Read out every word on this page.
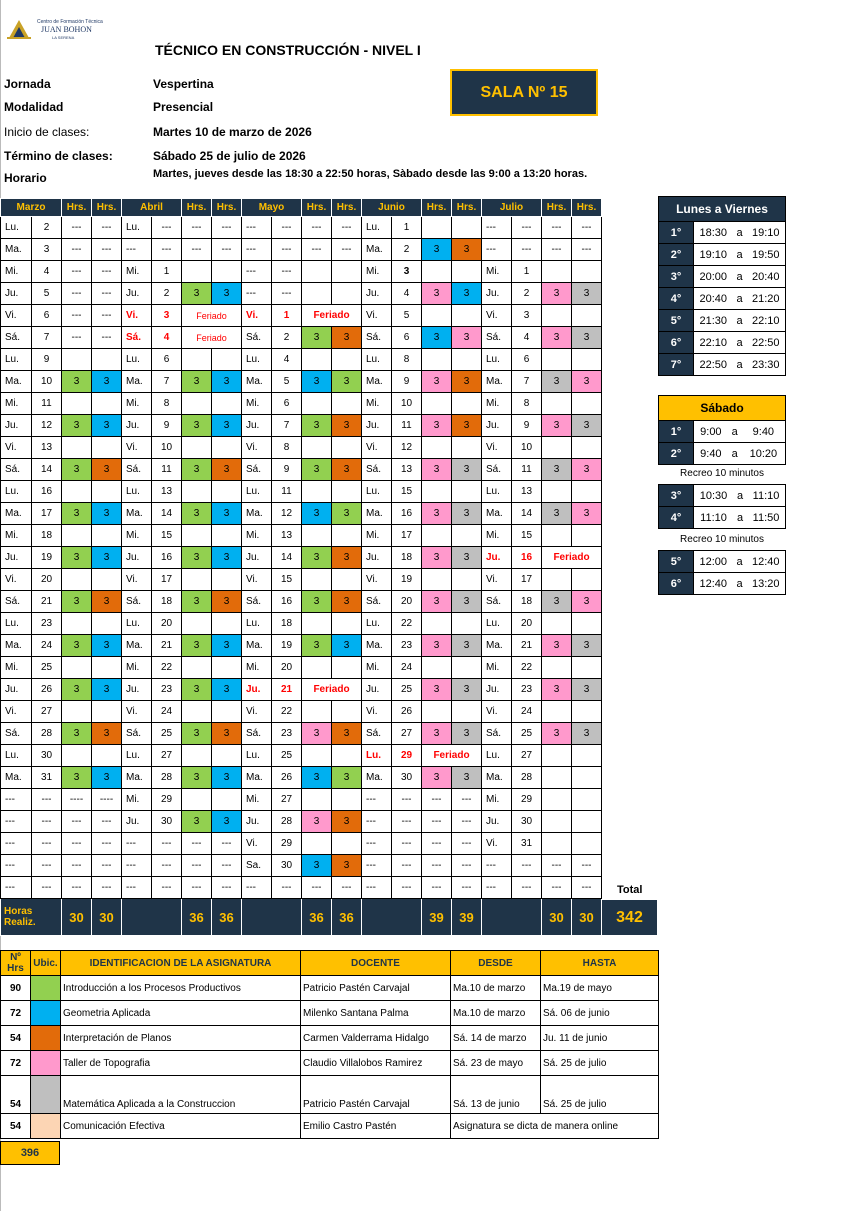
Centro de Formación Técnica
JUAN BOHON
LA SERENA
TÉCNICO EN CONSTRUCCIÓN - NIVEL I
Jornada	Vespertina
Modalidad	Presencial
Inicio de clases:	Martes 10 de marzo de 2026
Término de clases:	Sábado 25 de julio de 2026
Horario	Martes, jueves desde las 18:30 a 22:50 horas, Sàbado desde las 9:00 a 13:20 horas.
SALA Nº 15
Marzo		Hrs.	Hrs.	Abril		Hrs.	Hrs.	Mayo		Hrs.	Hrs.	Junio		Hrs.	Hrs.	Julio		Hrs.	Hrs.
Lu.	2	---	---	Lu.	---	---	---	---	---	---	---	Lu.	1			---	---	---	---
Ma.	3	---	---	---	---	---	---	---	---	---	---	Ma.	2	3	3	---	---	---	---
Mi.	4	---	---	Mi.	1			---	---			Mi.	3			Mi.	1		
Ju.	5	---	---	Ju.	2	3	3	---	---			Ju.	4	3	3	Ju.	2	3	3
Vi.	6	---	---	Vi.	3	Feriado		Vi.	1	Feriado		Vi.	5			Vi.	3		
Sá.	7	---	---	Sá.	4	Feriado		Sá.	2	3	3	Sá.	6	3	3	Sá.	4	3	3
Lu.	9			Lu.	6			Lu.	4			Lu.	8			Lu.	6		
Ma.	10	3	3	Ma.	7	3	3	Ma.	5	3	3	Ma.	9	3	3	Ma.	7	3	3
Mi.	11			Mi.	8			Mi.	6			Mi.	10			Mi.	8		
Ju.	12	3	3	Ju.	9	3	3	Ju.	7	3	3	Ju.	11	3	3	Ju.	9	3	3
Vi.	13			Vi.	10			Vi.	8			Vi.	12			Vi.	10		
Sá.	14	3	3	Sá.	11	3	3	Sá.	9	3	3	Sá.	13	3	3	Sá.	11	3	3
Lu.	16			Lu.	13			Lu.	11			Lu.	15			Lu.	13		
Ma.	17	3	3	Ma.	14	3	3	Ma.	12	3	3	Ma.	16	3	3	Ma.	14	3	3
Mi.	18			Mi.	15			Mi.	13			Mi.	17			Mi.	15		
Ju.	19	3	3	Ju.	16	3	3	Ju.	14	3	3	Ju.	18	3	3	Ju.	16	Feriado	
Vi.	20			Vi.	17			Vi.	15			Vi.	19			Vi.	17		
Sá.	21	3	3	Sá.	18	3	3	Sá.	16	3	3	Sá.	20	3	3	Sá.	18	3	3
Lu.	23			Lu.	20			Lu.	18			Lu.	22			Lu.	20		
Ma.	24	3	3	Ma.	21	3	3	Ma.	19	3	3	Ma.	23	3	3	Ma.	21	3	3
Mi.	25			Mi.	22			Mi.	20			Mi.	24			Mi.	22		
Ju.	26	3	3	Ju.	23	3	3	Ju.	21	Feriado		Ju.	25	3	3	Ju.	23	3	3
Vi.	27			Vi.	24			Vi.	22			Vi.	26			Vi.	24		
Sá.	28	3	3	Sá.	25	3	3	Sá.	23	3	3	Sá.	27	3	3	Sá.	25	3	3
Lu.	30			Lu.	27			Lu.	25			Lu.	29	Feriado		Lu.	27		
Ma.	31	3	3	Ma.	28	3	3	Ma.	26	3	3	Ma.	30	3	3	Ma.	28		
---	---	----	----	Mi.	29			Mi.	27			---	---	---	---	Mi.	29		
---	---	---	---	Ju.	30	3	3	Ju.	28	3	3	---	---	---	---	Ju.	30		
---	---	---	---	---	---	---	---	Vi.	29			---	---	---	---	Vi.	31		
---	---	---	---	---	---	---	---	Sa.	30	3	3	---	---	---	---	---	---	---	---
---	---	---	---	---	---	---	---	---	---	---	---	---	---	---	---	---	---	---	---

Horas
Realiz.		30	30			36	36			36	36			39	39			30	30
Lunes a Viernes			
1°	18:30	a	19:10
2°	19:10	a	19:50
3°	20:00	a	20:40
4°	20:40	a	21:20
5°	21:30	a	22:10
6°	22:10	a	22:50
7°	22:50	a	23:30
Sábado			
1°	9:00	a	9:40
2°	9:40	a	10:20
Recreo 10 minutos
3°	10:30	a	11:10
4°	11:10	a	11:50
Recreo 10 minutos
5°	12:00	a	12:40
6°	12:40	a	13:20
Nº Hrs	Ubic.	IDENTIFICACION DE LA ASIGNATURA	DOCENTE	DESDE	HASTA
90		Introducción a los Procesos Productivos	Patricio Pastén Carvajal	Ma.10 de marzo	Ma.19 de mayo
72		Geometria Aplicada	Milenko Santana Palma	Ma.10 de marzo	Sá. 06 de junio
54		Interpretación de Planos	Carmen Valderrama Hidalgo	Sá. 14 de marzo	Ju. 11 de junio
72		Taller de Topografia	Claudio Villalobos Ramirez	Sá. 23 de mayo	Sá. 25 de julio
54		Matemática Aplicada a la Construccion	Patricio Pastén Carvajal	Sá. 13 de junio	Sá. 25 de julio
54		Comunicación Efectiva	Emilio Castro Pastén	Asignatura se dicta de manera online	
396
Total
342
